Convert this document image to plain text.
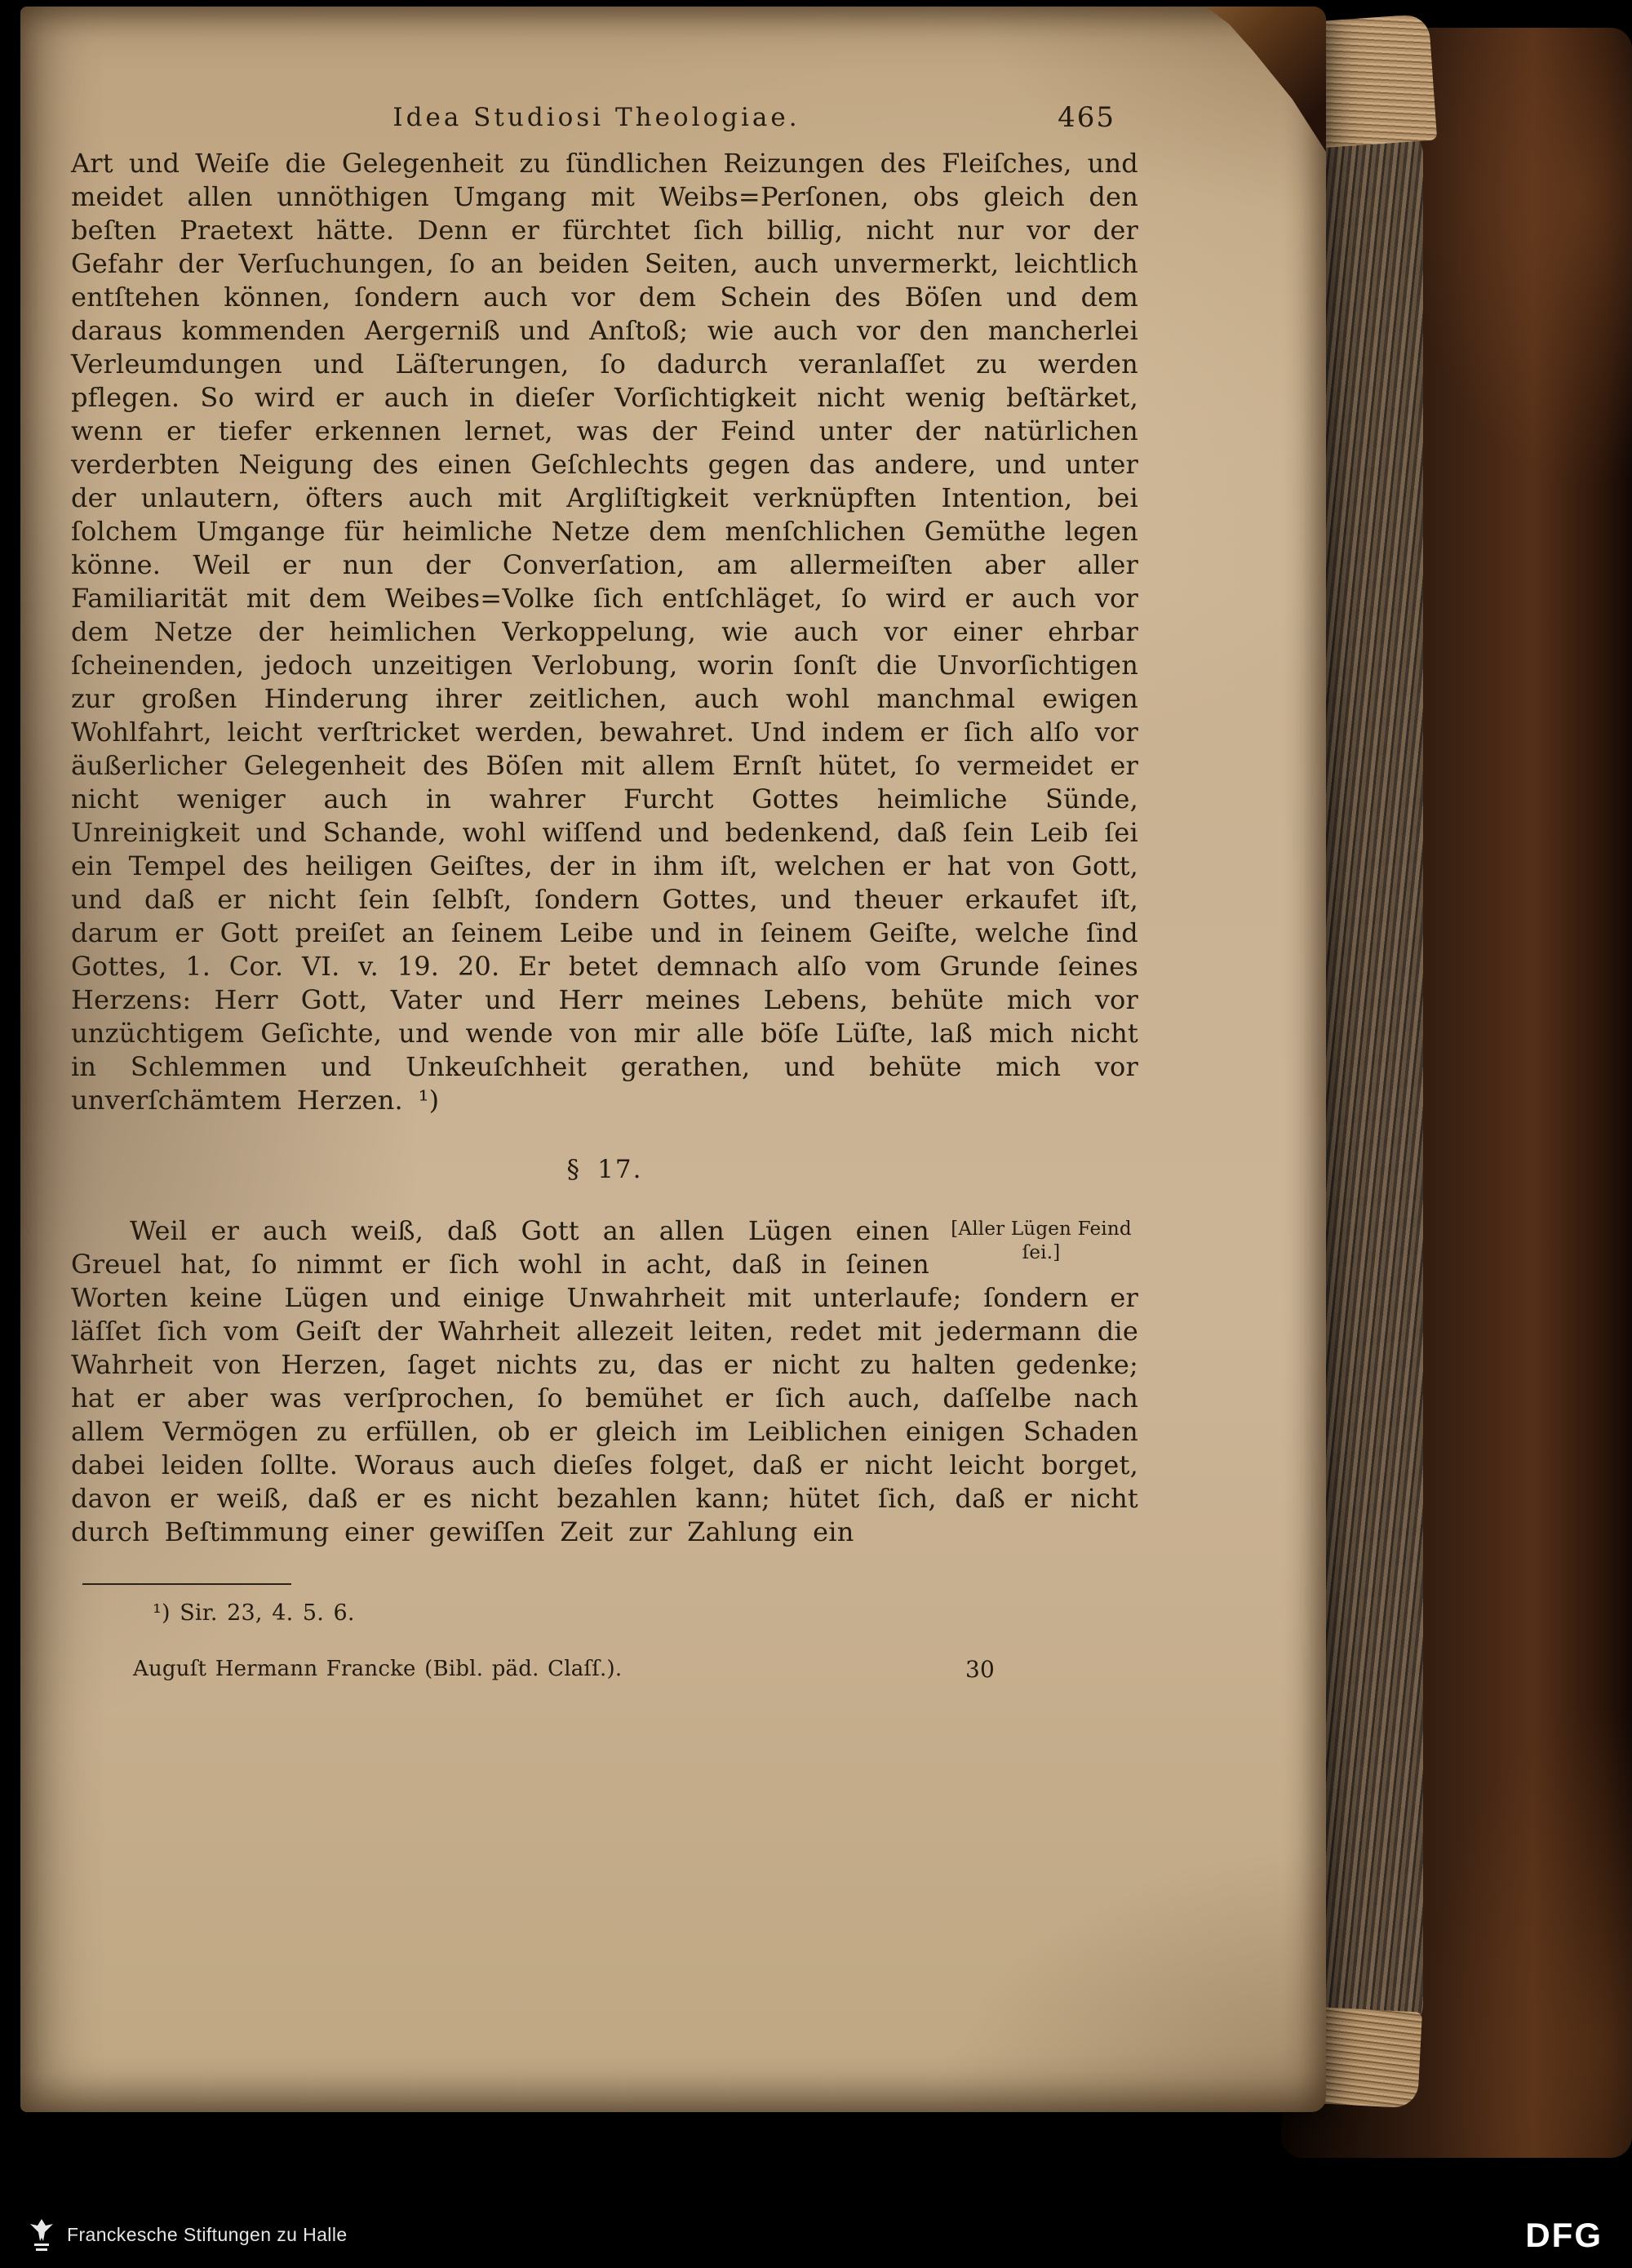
Idea Studiosi Theologiae.	465

Art und Weiſe die Gelegenheit zu ſündlichen Reizungen des Fleiſches, und meidet allen unnöthigen Umgang mit Weibs=Perſonen, obs gleich den beſten Praetext hätte. Denn er fürchtet ſich billig, nicht nur vor der Gefahr der Verſuchungen, ſo an beiden Seiten, auch unvermerkt, leichtlich entſtehen können, ſondern auch vor dem Schein des Böſen und dem daraus kommenden Aergerniß und Anſtoß; wie auch vor den mancherlei Verleumdungen und Läſterungen, ſo dadurch veranlaſſet zu werden pflegen. So wird er auch in dieſer Vorſichtigkeit nicht wenig beſtärket, wenn er tiefer erkennen lernet, was der Feind unter der natürlichen verderbten Neigung des einen Geſchlechts gegen das andere, und unter der unlautern, öfters auch mit Argliſtigkeit verknüpften Intention, bei ſolchem Umgange für heimliche Netze dem menſchlichen Gemüthe legen könne. Weil er nun der Converſation, am allermeiſten aber aller Familiarität mit dem Weibes=Volke ſich entſchläget, ſo wird er auch vor dem Netze der heimlichen Verkoppelung, wie auch vor einer ehrbar ſcheinenden, jedoch unzeitigen Verlobung, worin ſonſt die Unvorſichtigen zur großen Hinderung ihrer zeitlichen, auch wohl manchmal ewigen Wohlfahrt, leicht verſtricket werden, bewahret. Und indem er ſich alſo vor äußerlicher Gelegenheit des Böſen mit allem Ernſt hütet, ſo vermeidet er nicht weniger auch in wahrer Furcht Gottes heimliche Sünde, Unreinigkeit und Schande, wohl wiſſend und bedenkend, daß ſein Leib ſei ein Tempel des heiligen Geiſtes, der in ihm iſt, welchen er hat von Gott, und daß er nicht ſein ſelbſt, ſondern Gottes, und theuer erkaufet iſt, darum er Gott preiſet an ſeinem Leibe und in ſeinem Geiſte, welche ſind Gottes, 1. Cor. VI. v. 19. 20. Er betet demnach alſo vom Grunde ſeines Herzens: Herr Gott, Vater und Herr meines Lebens, behüte mich vor unzüchtigem Geſichte, und wende von mir alle böſe Lüſte, laß mich nicht in Schlemmen und Unkeuſchheit gerathen, und behüte mich vor unverſchämtem Herzen. ¹)

§ 17.
[Aller Lügen Feind ſei.]

Weil er auch weiß, daß Gott an allen Lügen einen Greuel hat, ſo nimmt er ſich wohl in acht, daß in ſeinen Worten keine Lügen und einige Unwahrheit mit unterlaufe; ſondern er läſſet ſich vom Geiſt der Wahrheit allezeit leiten, redet mit jedermann die Wahrheit von Herzen, ſaget nichts zu, das er nicht zu halten gedenke; hat er aber was verſprochen, ſo bemühet er ſich auch, daſſelbe nach allem Vermögen zu erfüllen, ob er gleich im Leiblichen einigen Schaden dabei leiden ſollte. Woraus auch dieſes folget, daß er nicht leicht borget, davon er weiß, daß er es nicht bezahlen kann; hütet ſich, daß er nicht durch Beſtimmung einer gewiſſen Zeit zur Zahlung ein

¹) Sir. 23, 4. 5. 6.

Auguſt Hermann Francke (Bibl. päd. Claſſ.).	30
Franckesche Stiftungen zu Halle	DFG
